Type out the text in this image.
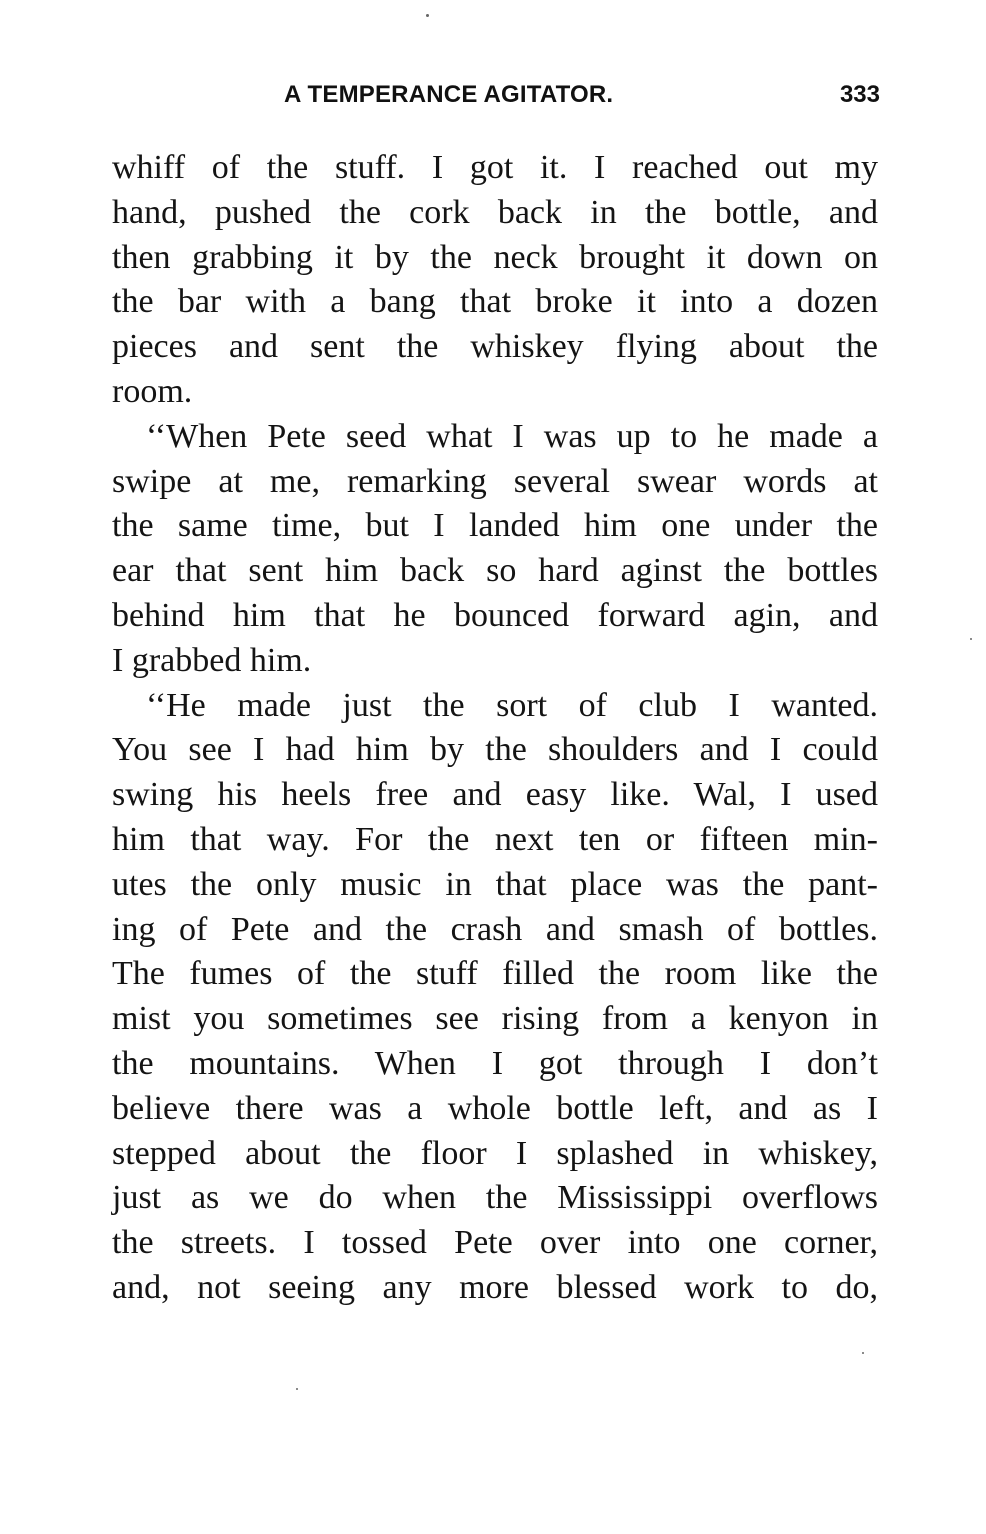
A TEMPERANCE AGITATOR.	333
whiff of the stuff. I got it. I reached out my
hand, pushed the cork back in the bottle, and
then grabbing it by the neck brought it down on
the bar with a bang that broke it into a dozen
pieces and sent the whiskey flying about the
room.
‘‘When Pete seed what I was up to he made a
swipe at me, remarking several swear words at
the same time, but I landed him one under the
ear that sent him back so hard aginst the bottles
behind him that he bounced forward agin, and
I grabbed him.
‘‘He made just the sort of club I wanted.
You see I had him by the shoulders and I could
swing his heels free and easy like. Wal, I used
him that way. For the next ten or fifteen min-
utes the only music in that place was the pant-
ing of Pete and the crash and smash of bottles.
The fumes of the stuff filled the room like the
mist you sometimes see rising from a kenyon in
the mountains. When I got through I don’t
believe there was a whole bottle left, and as I
stepped about the floor I splashed in whiskey,
just as we do when the Mississippi overflows
the streets. I tossed Pete over into one corner,
and, not seeing any more blessed work to do,
